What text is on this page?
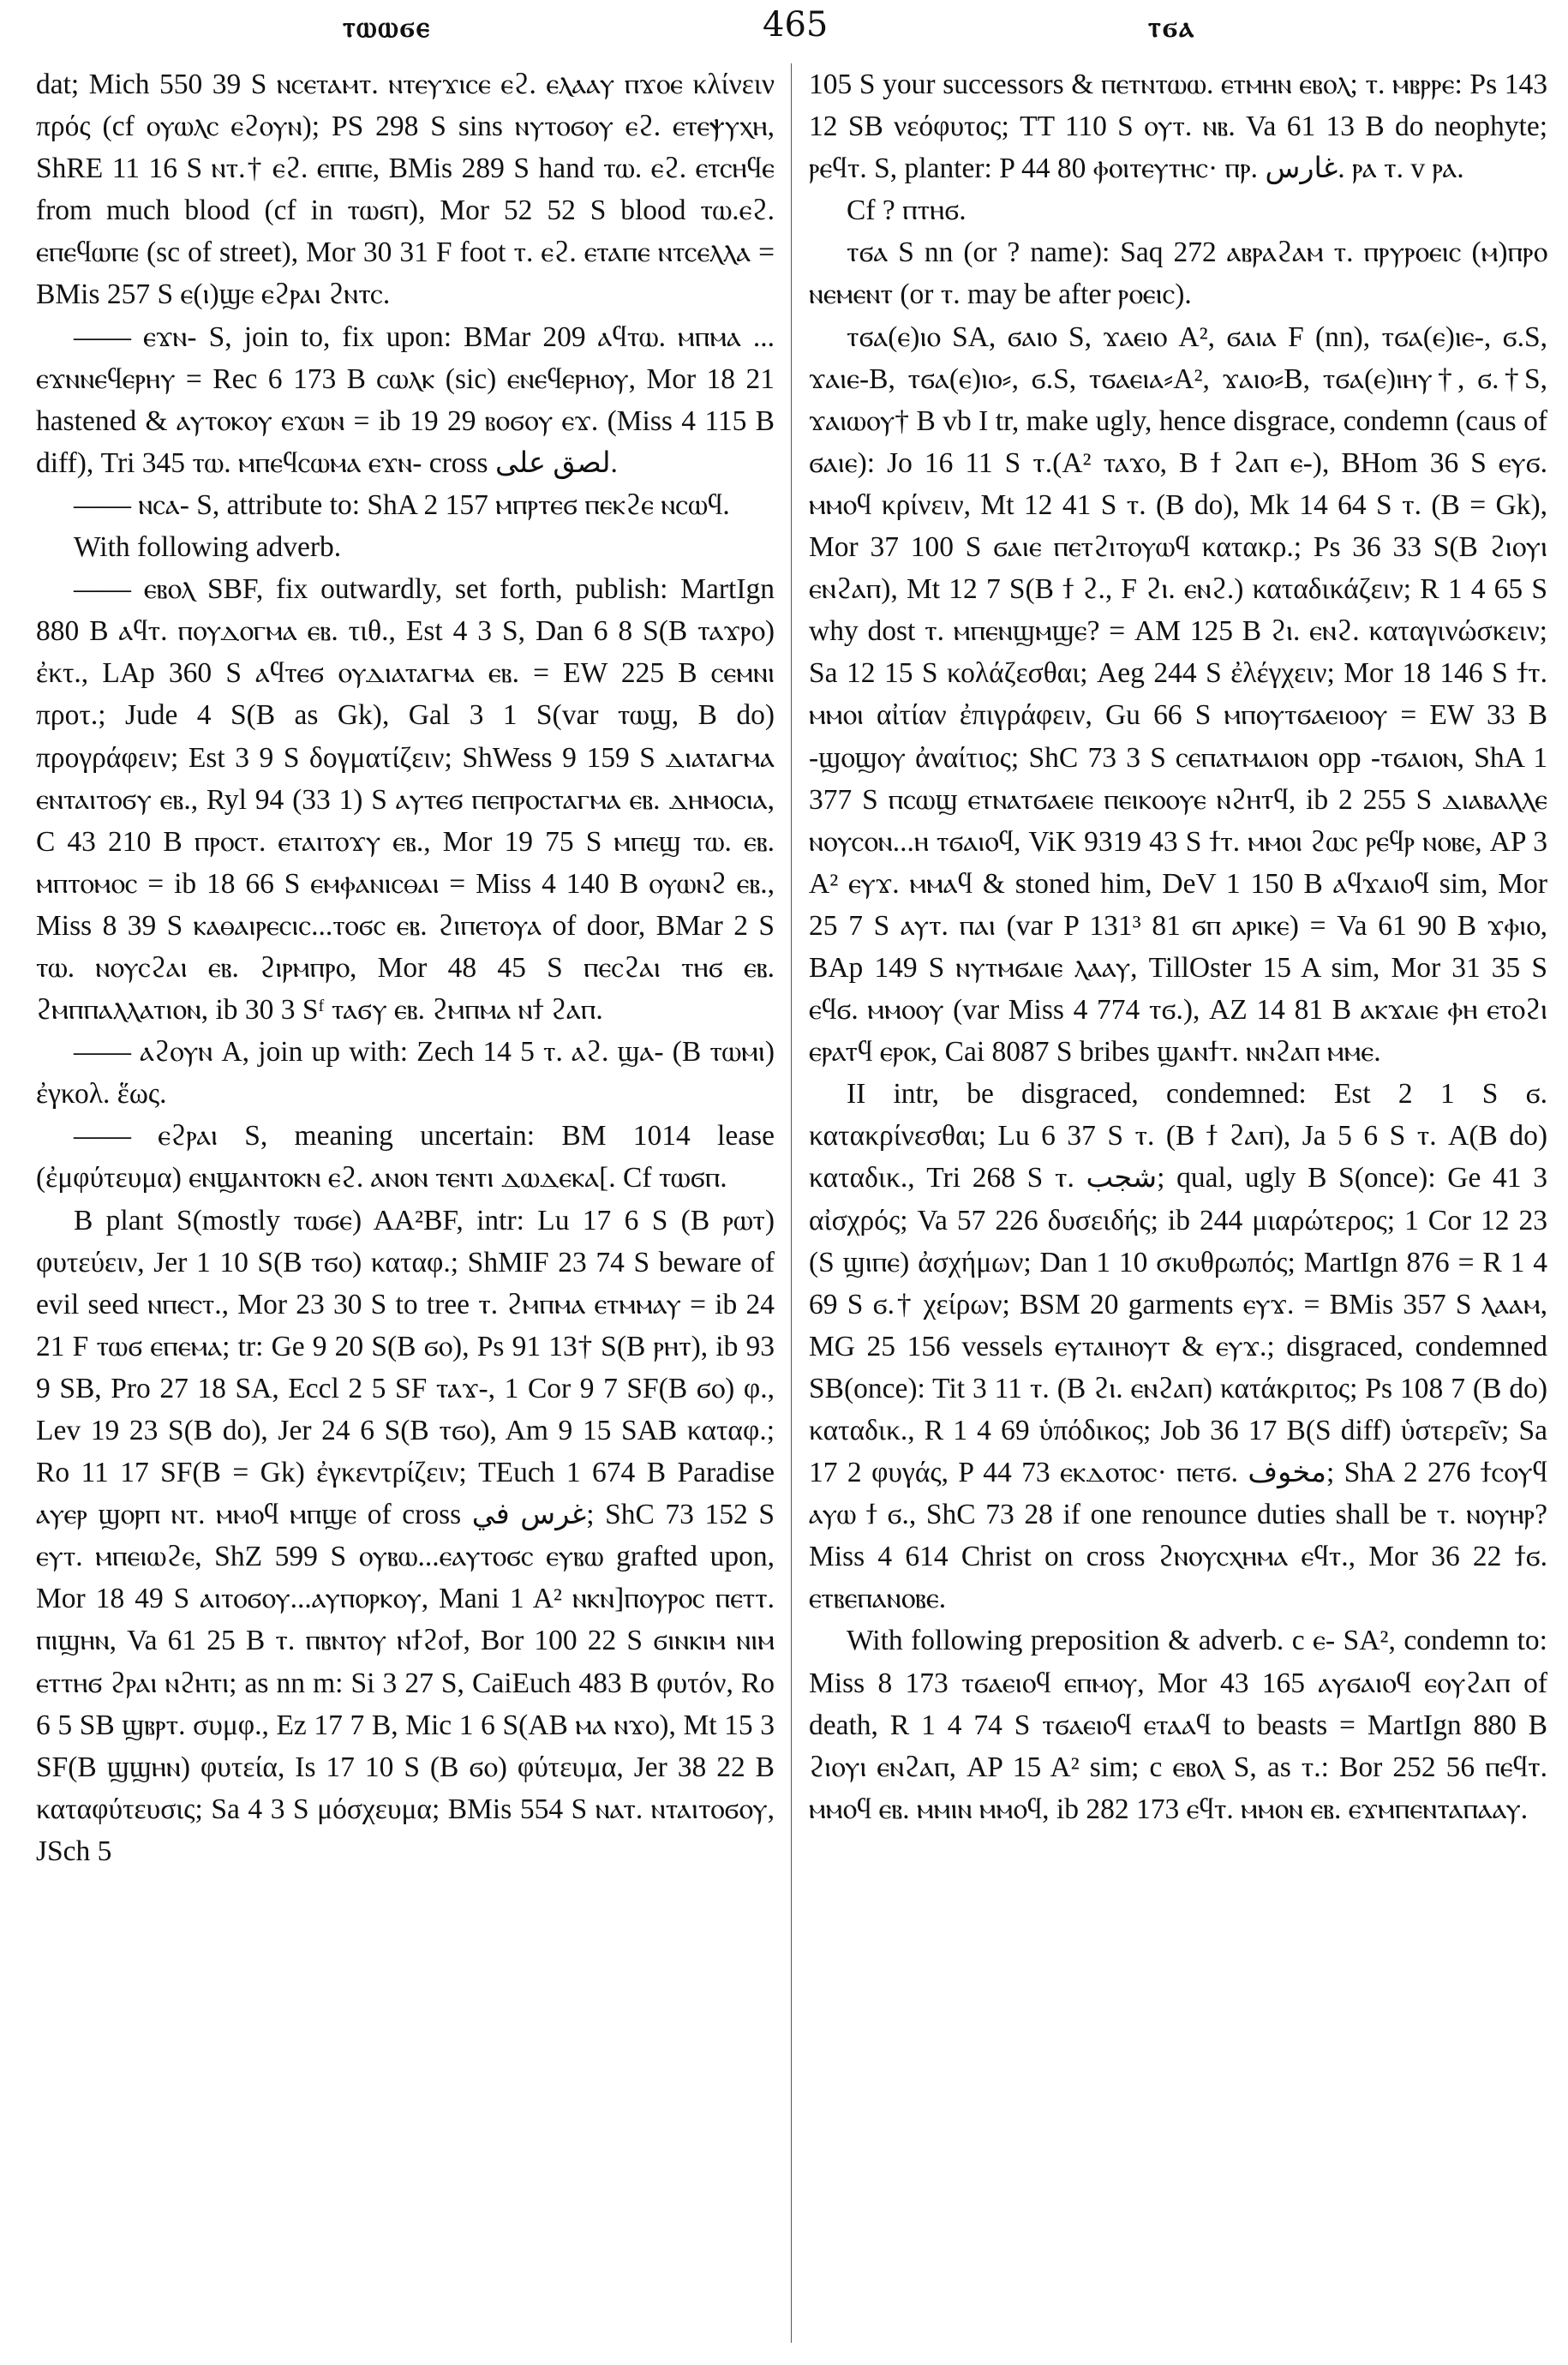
ⲧⲱⲱϭⲉ	465	ⲧϭⲁ

dat; Mich 550 39 S ⲛⲥⲉⲧⲁⲙⲧ. ⲛⲧⲉⲩϫⲓⲥⲉ ⲉϩ. ⲉⲗⲁⲁⲩ ⲡϫⲟⲉ κλίνειν πρός (cf ⲟⲩⲱⲗⲥ ⲉϩⲟⲩⲛ); PS 298 S sins ⲛⲩⲧⲟϭⲟⲩ ⲉϩ. ⲉⲧⲉⲯⲩⲭⲏ, ShRE 11 16 S ⲛⲧ.† ⲉϩ. ⲉⲡⲡⲉ, BMis 289 S hand ⲧⲱ. ⲉϩ. ⲉⲧⲥⲏϥⲉ from much blood (cf in ⲧⲱϭⲡ), Mor 52 52 S blood ⲧⲱ.ⲉϩ. ⲉⲡⲉϥⲱⲡⲉ (sc of street), Mor 30 31 F foot ⲧ. ⲉϩ. ⲉⲧⲁⲡⲉ ⲛⲧⲥⲉⲗⲗⲁ = BMis 257 S ⲉ(ⲓ)ϣⲉ ⲉϩⲣⲁⲓ ϩⲛⲧⲥ.

—— ⲉϫⲛ- S, join to, fix upon: BMar 209 ⲁϥⲧⲱ. ⲙⲡⲙⲁ ... ⲉϫⲛⲛⲉϥⲉⲣⲏⲩ = Rec 6 173 B ⲥⲱⲗⲕ (sic) ⲉⲛⲉϥⲉⲣⲏⲟⲩ, Mor 18 21 hastened & ⲁⲩⲧⲟⲕⲟⲩ ⲉϫⲱⲛ = ib 19 29 ⲃⲟϭⲟⲩ ⲉϫ. (Miss 4 115 B diff), Tri 345 ⲧⲱ. ⲙⲡⲉϥⲥⲱⲙⲁ ⲉϫⲛ- cross لصق على.

—— ⲛⲥⲁ- S, attribute to: ShA 2 157 ⲙⲡⲣⲧⲉϭ ⲡⲉⲕϩⲉ ⲛⲥⲱϥ.

With following adverb.

—— ⲉⲃⲟⲗ SBF, fix outwardly, set forth, publish: MartIgn 880 B ⲁϥⲧ. ⲡⲟⲩⲇⲟⲅⲙⲁ ⲉⲃ. τιθ., Est 4 3 S, Dan 6 8 S(B ⲧⲁϫⲣⲟ) ἐκτ., LAp 360 S ⲁϥⲧⲉϭ ⲟⲩⲇⲓⲁⲧⲁⲅⲙⲁ ⲉⲃ. = EW 225 B ⲥⲉⲙⲛⲓ προτ.; Jude 4 S(B as Gk), Gal 3 1 S(var ⲧⲱϣ, B do) προγράφειν; Est 3 9 S δογματίζειν; ShWess 9 159 S ⲇⲓⲁⲧⲁⲅⲙⲁ ⲉⲛⲧⲁⲓⲧⲟϭⲩ ⲉⲃ., Ryl 94 (33 1) S ⲁⲩⲧⲉϭ ⲡⲉⲡⲣⲟⲥⲧⲁⲅⲙⲁ ⲉⲃ. ⲇⲏⲙⲟⲥⲓⲁ, C 43 210 B ⲡⲣⲟⲥⲧ. ⲉⲧⲁⲓⲧⲟϫⲩ ⲉⲃ., Mor 19 75 S ⲙⲡⲉϣ ⲧⲱ. ⲉⲃ. ⲙⲡⲧⲟⲙⲟⲥ = ib 18 66 S ⲉⲙⲫⲁⲛⲓⲥⲑⲁⲓ = Miss 4 140 B ⲟⲩⲱⲛϩ ⲉⲃ., Miss 8 39 S ⲕⲁⲑⲁⲓⲣⲉⲥⲓⲥ...ⲧⲟϭⲥ ⲉⲃ. ϩⲓⲡⲉⲧⲟⲩⲁ of door, BMar 2 S ⲧⲱ. ⲛⲟⲩⲥϩⲁⲓ ⲉⲃ. ϩⲓⲣⲙⲡⲣⲟ, Mor 48 45 S ⲡⲉⲥϩⲁⲓ ⲧⲏϭ ⲉⲃ. ϩⲙⲡⲡⲁⲗⲗⲁⲧⲓⲟⲛ, ib 30 3 Sᶠ ⲧⲁϭⲩ ⲉⲃ. ϩⲙⲡⲙⲁ ⲛϯ ϩⲁⲡ.

—— ⲁϩⲟⲩⲛ A, join up with: Zech 14 5 ⲧ. ⲁϩ. ϣⲁ- (B ⲧⲱⲙⲓ) ἐγκολ. ἕως.

—— ⲉϩⲣⲁⲓ S, meaning uncertain: BM 1014 lease (ἐμφύτευμα) ⲉⲛϣⲁⲛⲧⲟⲕⲛ ⲉϩ. ⲁⲛⲟⲛ ⲧⲉⲛⲧⲓ ⲇⲱⲇⲉⲕⲁ[. Cf ⲧⲱϭⲡ.

B plant S(mostly ⲧⲱϭⲉ) AA²BF, intr: Lu 17 6 S (B ⲣⲱⲧ) φυτεύειν, Jer 1 10 S(B ⲧϭⲟ) καταφ.; ShMIF 23 74 S beware of evil seed ⲛⲡⲉⲥⲧ., Mor 23 30 S to tree ⲧ. ϩⲙⲡⲙⲁ ⲉⲧⲙⲙⲁⲩ = ib 24 21 F ⲧⲱϭ ⲉⲡⲉⲙⲁ; tr: Ge 9 20 S(B ϭⲟ), Ps 91 13† S(B ⲣⲏⲧ), ib 93 9 SB, Pro 27 18 SA, Eccl 2 5 SF ⲧⲁϫ-, 1 Cor 9 7 SF(B ϭⲟ) φ., Lev 19 23 S(B do), Jer 24 6 S(B ⲧϭⲟ), Am 9 15 SAB καταφ.; Ro 11 17 SF(B = Gk) ἐγκεντρίζειν; TEuch 1 674 B Paradise ⲁⲩⲉⲣ ϣⲟⲣⲡ ⲛⲧ. ⲙⲙⲟϥ ⲙⲡϣⲉ of cross غرس في; ShC 73 152 S ⲉⲩⲧ. ⲙⲡⲉⲓⲱϩⲉ, ShZ 599 S ⲟⲩⲃⲱ...ⲉⲁⲩⲧⲟϭⲥ ⲉⲩⲃⲱ grafted upon, Mor 18 49 S ⲁⲓⲧⲟϭⲟⲩ...ⲁⲩⲡⲟⲣⲕⲟⲩ, Mani 1 A² ⲛⲕⲛ]ⲡⲟⲩⲣⲟⲥ ⲡⲉⲧⲧ. ⲡⲓϣⲏⲛ, Va 61 25 B ⲧ. ⲡⲃⲛⲧⲟⲩ ⲛϯϩⲟϯ, Bor 100 22 S ϭⲓⲛⲕⲓⲙ ⲛⲓⲙ ⲉⲧⲧⲏϭ ϩⲣⲁⲓ ⲛϩⲏⲧⲓ; as nn m: Si 3 27 S, CaiEuch 483 B φυτόν, Ro 6 5 SB ϣⲃⲣⲧ. συμφ., Ez 17 7 B, Mic 1 6 S(AB ⲙⲁ ⲛϫⲟ), Mt 15 3 SF(B ϣϣⲏⲛ) φυτεία, Is 17 10 S (B ϭⲟ) φύτευμα, Jer 38 22 B καταφύτευσις; Sa 4 3 S μόσχευμα; BMis 554 S ⲛⲁⲧ. ⲛⲧⲁⲓⲧⲟϭⲟⲩ, JSch 5

105 S your successors & ⲡⲉⲧⲛⲧⲱⲱ. ⲉⲧⲙⲏⲛ ⲉⲃⲟⲗ; ⲧ. ⲙⲃⲣⲣⲉ: Ps 143 12 SB νεόφυτος; TT 110 S ⲟⲩⲧ. ⲛⲃ. Va 61 13 B do neophyte; ⲣⲉϥⲧ. S, planter: P 44 80 ⲫⲟⲓⲧⲉⲩⲧⲏⲥ· ⲡⲣ. غارس. ⲣⲁ ⲧ. v ⲣⲁ.

Cf ? ⲡⲧⲏϭ.

ⲧϭⲁ S nn (or ? name): Saq 272 ⲁⲃⲣⲁϩⲁⲙ ⲧ. ⲡⲣⲩⲣⲟⲉⲓⲥ (ⲙ)ⲡⲣⲟ ⲛⲉⲙⲉⲛⲧ (or ⲧ. may be after ⲣⲟⲉⲓⲥ).

ⲧϭⲁ(ⲉ)ⲓⲟ SA, ϭⲁⲓⲟ S, ϫⲁⲉⲓⲟ A², ϭⲁⲓⲁ F (nn), ⲧϭⲁ(ⲉ)ⲓⲉ-, ϭ.S, ϫⲁⲓⲉ-B, ⲧϭⲁ(ⲉ)ⲓⲟ⸗, ϭ.S, ⲧϭⲁⲉⲓⲁ⸗A², ϫⲁⲓⲟ⸗B, ⲧϭⲁ(ⲉ)ⲓⲏⲩ†, ϭ.†S, ϫⲁⲓⲱⲟⲩ† B vb I tr, make ugly, hence disgrace, condemn (caus of ϭⲁⲓⲉ): Jo 16 11 S ⲧ.(A² ⲧⲁϫⲟ, B ϯ ϩⲁⲡ ⲉ-), BHom 36 S ⲉⲩϭ. ⲙⲙⲟϥ κρίνειν, Mt 12 41 S ⲧ. (B do), Mk 14 64 S ⲧ. (B = Gk), Mor 37 100 S ϭⲁⲓⲉ ⲡⲉⲧϩⲓⲧⲟⲩⲱϥ κατακρ.; Ps 36 33 S(B ϩⲓⲟⲩⲓ ⲉⲛϩⲁⲡ), Mt 12 7 S(B ϯ ϩ., F ϩⲓ. ⲉⲛϩ.) καταδικάζειν; R 1 4 65 S why dost ⲧ. ⲙⲡⲉⲛϣⲙϣⲉ? = AM 125 B ϩⲓ. ⲉⲛϩ. καταγινώσκειν; Sa 12 15 S κολάζεσθαι; Aeg 244 S ἐλέγχειν; Mor 18 146 S ϯⲧ. ⲙⲙⲟⲓ αἰτίαν ἐπιγράφειν, Gu 66 S ⲙⲡⲟⲩⲧϭⲁⲉⲓⲟⲟⲩ = EW 33 B -ϣⲟϣⲟⲩ ἀναίτιος; ShC 73 3 S ⲥⲉⲡⲁⲧⲙⲁⲓⲟⲛ opp -ⲧϭⲁⲓⲟⲛ, ShA 1 377 S ⲡⲥⲱϣ ⲉⲧⲛⲁⲧϭⲁⲉⲓⲉ ⲡⲉⲓⲕⲟⲟⲩⲉ ⲛϩⲏⲧϥ, ib 2 255 S ⲇⲓⲁⲃⲁⲗⲗⲉ ⲛⲟⲩⲥⲟⲛ...ⲏ ⲧϭⲁⲓⲟϥ, ViK 9319 43 S ϯⲧ. ⲙⲙⲟⲓ ϩⲱⲥ ⲣⲉϥⲣ ⲛⲟⲃⲉ, AP 3 A² ⲉⲩϫ. ⲙⲙⲁϥ & stoned him, DeV 1 150 B ⲁϥϫⲁⲓⲟϥ sim, Mor 25 7 S ⲁⲩⲧ. ⲡⲁⲓ (var P 131³ 81 ϭⲡ ⲁⲣⲓⲕⲉ) = Va 61 90 B ϫⲫⲓⲟ, BAp 149 S ⲛⲩⲧⲙϭⲁⲓⲉ ⲗⲁⲁⲩ, TillOster 15 A sim, Mor 31 35 S ⲉϥϭ. ⲙⲙⲟⲟⲩ (var Miss 4 774 ⲧϭ.), AZ 14 81 B ⲁⲕϫⲁⲓⲉ ⲫⲏ ⲉⲧⲟϩⲓ ⲉⲣⲁⲧϥ ⲉⲣⲟⲕ, Cai 8087 S bribes ϣⲁⲛϯⲧ. ⲛⲛϩⲁⲡ ⲙⲙⲉ.

II intr, be disgraced, condemned: Est 2 1 S ϭ. κατακρίνεσθαι; Lu 6 37 S ⲧ. (B ϯ ϩⲁⲡ), Ja 5 6 S ⲧ. A(B do) καταδικ., Tri 268 S ⲧ. شجب; qual, ugly B S(once): Ge 41 3 αἰσχρός; Va 57 226 δυσειδής; ib 244 μιαρώτερος; 1 Cor 12 23 (S ϣⲓⲡⲉ) ἀσχήμων; Dan 1 10 σκυθρωπός; MartIgn 876 = R 1 4 69 S ϭ.† χείρων; BSM 20 garments ⲉⲩϫ. = BMis 357 S ⲗⲁⲁⲙ, MG 25 156 vessels ⲉⲩⲧⲁⲓⲏⲟⲩⲧ & ⲉⲩϫ.; disgraced, condemned SB(once): Tit 3 11 ⲧ. (B ϩⲓ. ⲉⲛϩⲁⲡ) κατάκριτος; Ps 108 7 (B do) καταδικ., R 1 4 69 ὑπόδικος; Job 36 17 B(S diff) ὑστερεῖν; Sa 17 2 φυγάς, P 44 73 ⲉⲕⲇⲟⲧⲟⲥ· ⲡⲉⲧϭ. مخوف; ShA 2 276 ϯⲥⲟⲩϥ ⲁⲩⲱ ϯ ϭ., ShC 73 28 if one renounce duties shall be ⲧ. ⲛⲟⲩⲏⲣ? Miss 4 614 Christ on cross ϩⲛⲟⲩⲥⲭⲏⲙⲁ ⲉϥⲧ., Mor 36 22 ϯϭ. ⲉⲧⲃⲉⲡⲁⲛⲟⲃⲉ.

With following preposition & adverb. c ⲉ- SA², condemn to: Miss 8 173 ⲧϭⲁⲉⲓⲟϥ ⲉⲡⲙⲟⲩ, Mor 43 165 ⲁⲩϭⲁⲓⲟϥ ⲉⲟⲩϩⲁⲡ of death, R 1 4 74 S ⲧϭⲁⲉⲓⲟϥ ⲉⲧⲁⲁϥ to beasts = MartIgn 880 B ϩⲓⲟⲩⲓ ⲉⲛϩⲁⲡ, AP 15 A² sim; c ⲉⲃⲟⲗ S, as ⲧ.: Bor 252 56 ⲡⲉϥⲧ. ⲙⲙⲟϥ ⲉⲃ. ⲙⲙⲓⲛ ⲙⲙⲟϥ, ib 282 173 ⲉϥⲧ. ⲙⲙⲟⲛ ⲉⲃ. ⲉϫⲙⲡⲉⲛⲧⲁⲡⲁⲁⲩ.
